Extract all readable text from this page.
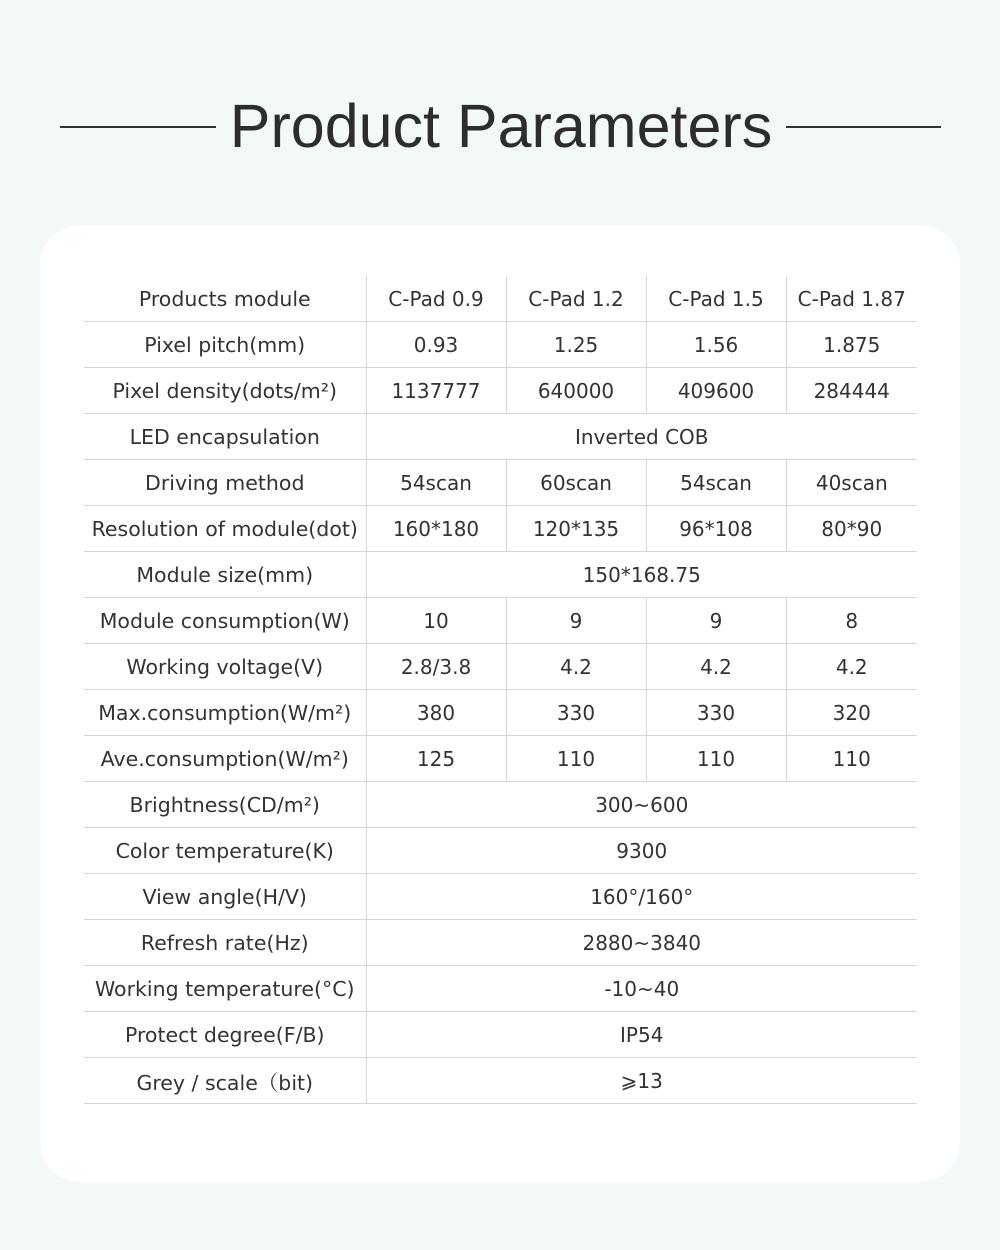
Product Parameters
Products module	C-Pad 0.9	C-Pad 1.2	C-Pad 1.5	C-Pad 1.87
Pixel pitch(mm)	0.93	1.25	1.56	1.875
Pixel density(dots/m²)	1137777	640000	409600	284444
LED encapsulation	Inverted COB			
Driving method	54scan	60scan	54scan	40scan
Resolution of module(dot)	160*180	120*135	96*108	80*90
Module size(mm)	150*168.75			
Module consumption(W)	10	9	9	8
Working voltage(V)	2.8/3.8	4.2	4.2	4.2
Max.consumption(W/m²)	380	330	330	320
Ave.consumption(W/m²)	125	110	110	110
Brightness(CD/m²)	300~600			
Color temperature(K)	9300			
View angle(H/V)	160°/160°			
Refresh rate(Hz)	2880~3840			
Working temperature(°C)	-10~40			
Protect degree(F/B)	IP54			
Grey / scale（bit)	⩾13			
